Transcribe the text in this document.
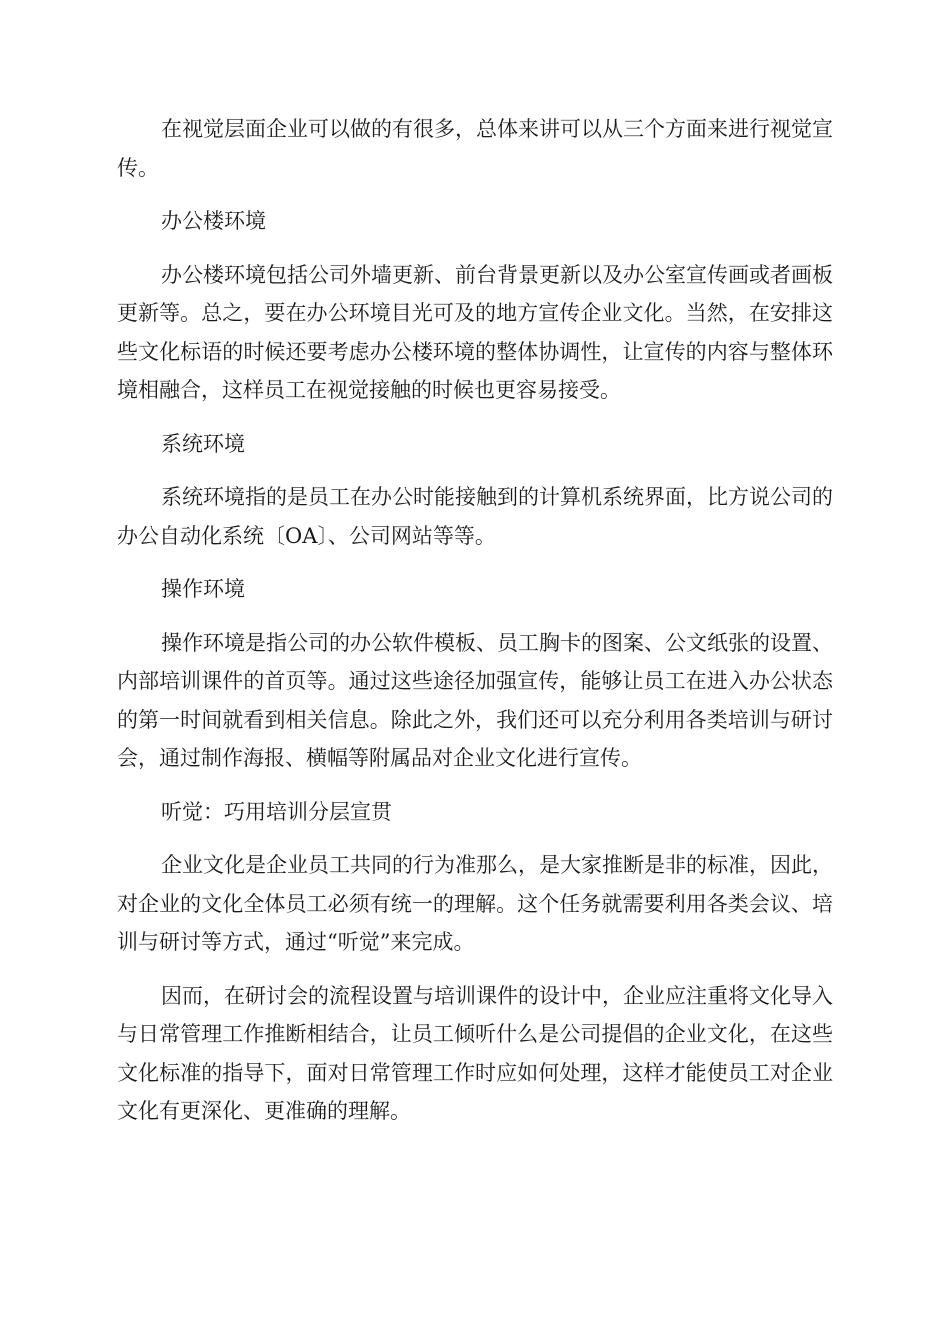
在视觉层面企业可以做的有很多，总体来讲可以从三个方面来进行视觉宣传。

办公楼环境

办公楼环境包括公司外墙更新、前台背景更新以及办公室宣传画或者画板更新等。总之，要在办公环境目光可及的地方宣传企业文化。当然，在安排这些文化标语的时候还要考虑办公楼环境的整体协调性，让宣传的内容与整体环境相融合，这样员工在视觉接触的时候也更容易接受。

系统环境

系统环境指的是员工在办公时能接触到的计算机系统界面，比方说公司的办公自动化系统〔OA〕、公司网站等等。

操作环境

操作环境是指公司的办公软件模板、员工胸卡的图案、公文纸张的设置、内部培训课件的首页等。通过这些途径加强宣传，能够让员工在进入办公状态的第一时间就看到相关信息。除此之外，我们还可以充分利用各类培训与研讨会，通过制作海报、横幅等附属品对企业文化进行宣传。

听觉：巧用培训分层宣贯

企业文化是企业员工共同的行为准那么，是大家推断是非的标准，因此，对企业的文化全体员工必须有统一的理解。这个任务就需要利用各类会议、培训与研讨等方式，通过“听觉”来完成。

因而，在研讨会的流程设置与培训课件的设计中，企业应注重将文化导入与日常管理工作推断相结合，让员工倾听什么是公司提倡的企业文化，在这些文化标准的指导下，面对日常管理工作时应如何处理，这样才能使员工对企业文化有更深化、更准确的理解。
